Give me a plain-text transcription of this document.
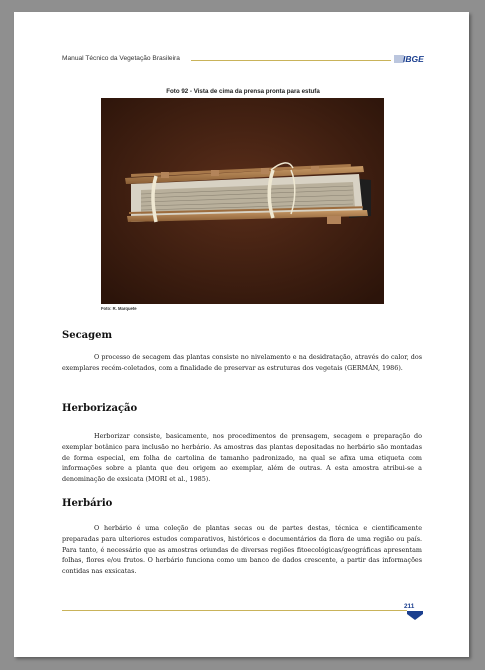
Manual Técnico da Vegetação Brasileira	IBGE
Foto 92 - Vista de cima da prensa pronta para estufa
Foto: R. Marquete
Secagem

O processo de secagem das plantas consiste no nivelamento e na desidratação, através do calor, dos exemplares recém-coletados, com a finalidade de preservar as estruturas dos vegetais (GERMÁN, 1986).

Herborização

Herborizar consiste, basicamente, nos procedimentos de prensagem, secagem e preparação do exemplar botânico para inclusão no herbário. As amostras das plantas depositadas no herbário são montadas de forma especial, em folha de cartolina de tamanho padronizado, na qual se afixa uma etiqueta com informações sobre a planta que deu origem ao exemplar, além de outras. A esta amostra atribui-se a denominação de exsicata (MORI et al., 1985).

Herbário

O herbário é uma coleção de plantas secas ou de partes destas, técnica e cientificamente preparadas para ulteriores estudos comparativos, históricos e documentários da flora de uma região ou país. Para tanto, é necessário que as amostras oriundas de diversas regiões fitoecológicas/geográficas apresentam folhas, flores e/ou frutos. O herbário funciona como um banco de dados crescente, a partir das informações contidas nas exsicatas.

211
